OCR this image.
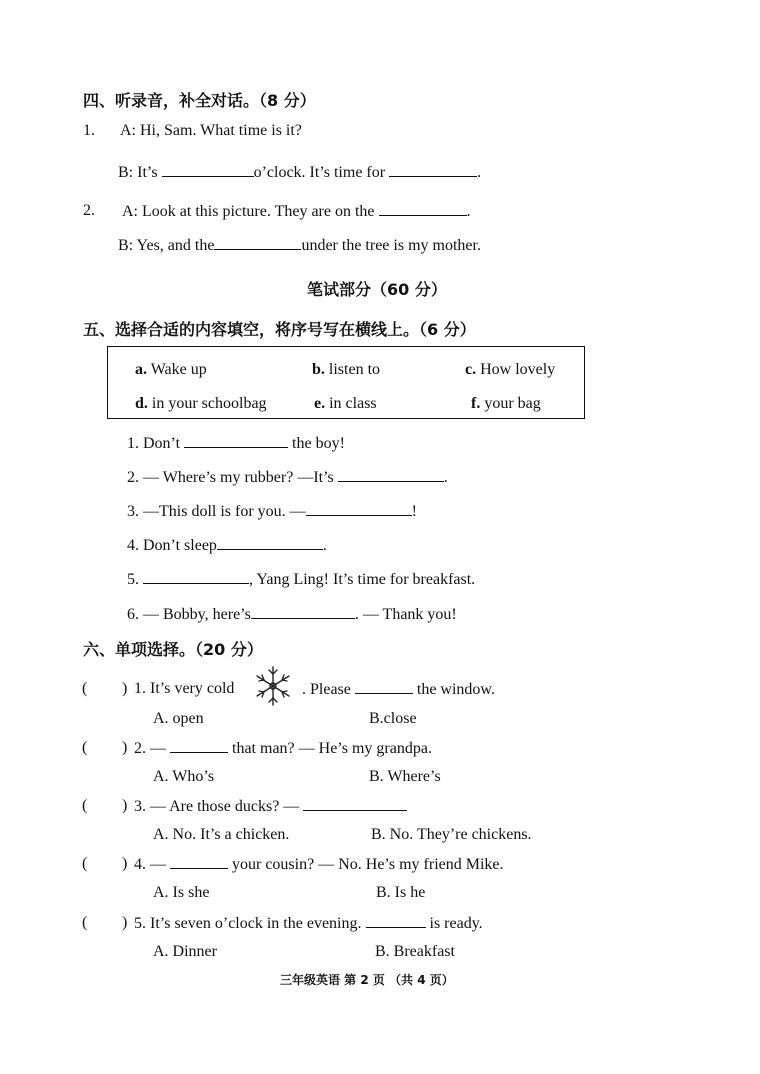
四、听录音，补全对话。（8 分）
1. A: Hi, Sam. What time is it?
B: It’s	o’clock. It’s time for	.
2. A: Look at this picture. They are on the	.
B: Yes, and the	under the tree is my mother.
笔试部分（60 分）
五、选择合适的内容填空，将序号写在横线上。（6 分）
a. Wake up	b. listen to	c. How lovely
d. in your schoolbag	e. in class	f. your bag
1. Don’t	the boy!
2. — Where’s my rubber? —It’s	.
3. —This doll is for you. —	!
4. Don’t sleep	.
5.	, Yang Ling! It’s time for breakfast.
6. — Bobby, here’s	. — Thank you!
六、单项选择。（20 分）
( ) 1. It’s very cold	. Please	the window.
A. open	B.close
( ) 2. —	that man? — He’s my grandpa.
A. Who’s	B. Where’s
( ) 3. — Are those ducks? —
A. No. It’s a chicken.	B. No. They’re chickens.
( ) 4. —	your cousin? — No. He’s my friend Mike.
A. Is she	B. Is he
( ) 5. It’s seven o’clock in the evening.	is ready.
A. Dinner	B. Breakfast
三年级英语 第 2 页 （共 4 页）
